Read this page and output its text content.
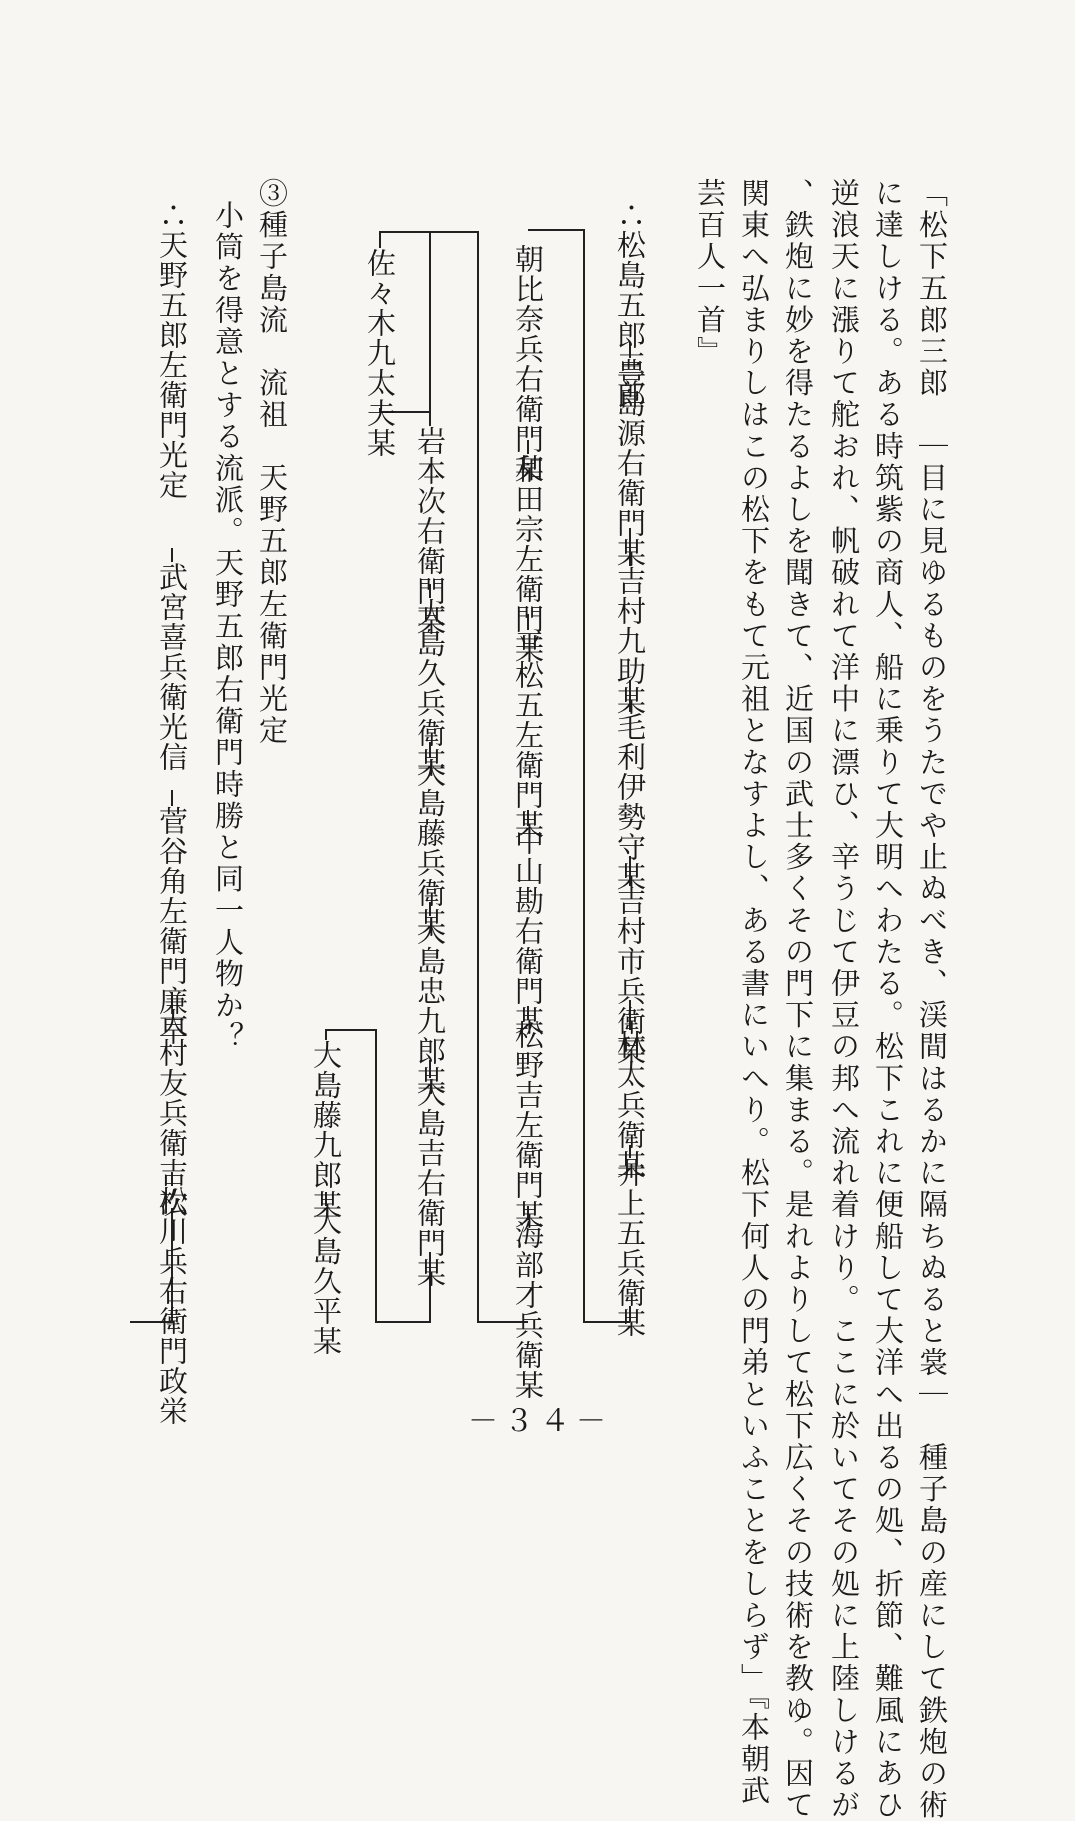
「松下五郎三郎　｜目に見ゆるものをうたでや止ぬべき、渓間はるかに隔ちぬると裳｜　種子島の産にして鉄炮の術
に達しける。ある時筑紫の商人、船に乗りて大明へわたる。松下これに便船して大洋へ出るの処、折節、難風にあひ
逆浪天に漲りて舵おれ、帆破れて洋中に漂ひ、辛うじて伊豆の邦へ流れ着けり。ここに於いてその処に上陸しけるが
、鉄炮に妙を得たるよしを聞きて、近国の武士多くその門下に集まる。是れよりして松下広くその技術を教ゆ。因て
関東へ弘まりしはこの松下をもて元祖となすよし、ある書にいへり。松下何人の門弟といふことをしらず」『本朝武
芸百人一首』
∴松島五郎三郎
豊島源右衛門某
吉村九助某
毛利伊勢守某
吉村市兵衛某
林太兵衛某
井上五兵衛某
朝比奈兵右衛門某
和田宗左衛門某
平松五左衛門某
中山勘右衛門某
松野吉左衛門某
海部才兵衛某
岩本次右衛門某
大島久兵衛某
大島藤兵衛某
大島忠九郎某
大島吉右衛門某
佐々木九太夫某
大島藤九郎某
大島久平某
③種子島流　流祖　天野五郎左衛門光定
小筒を得意とする流派。天野五郎右衛門時勝と同一人物か？
∴天野五郎左衛門光定
武宮喜兵衛光信
菅谷角左衛門廉早
大村友兵衛吉次
松川兵右衛門政栄	－３４－
